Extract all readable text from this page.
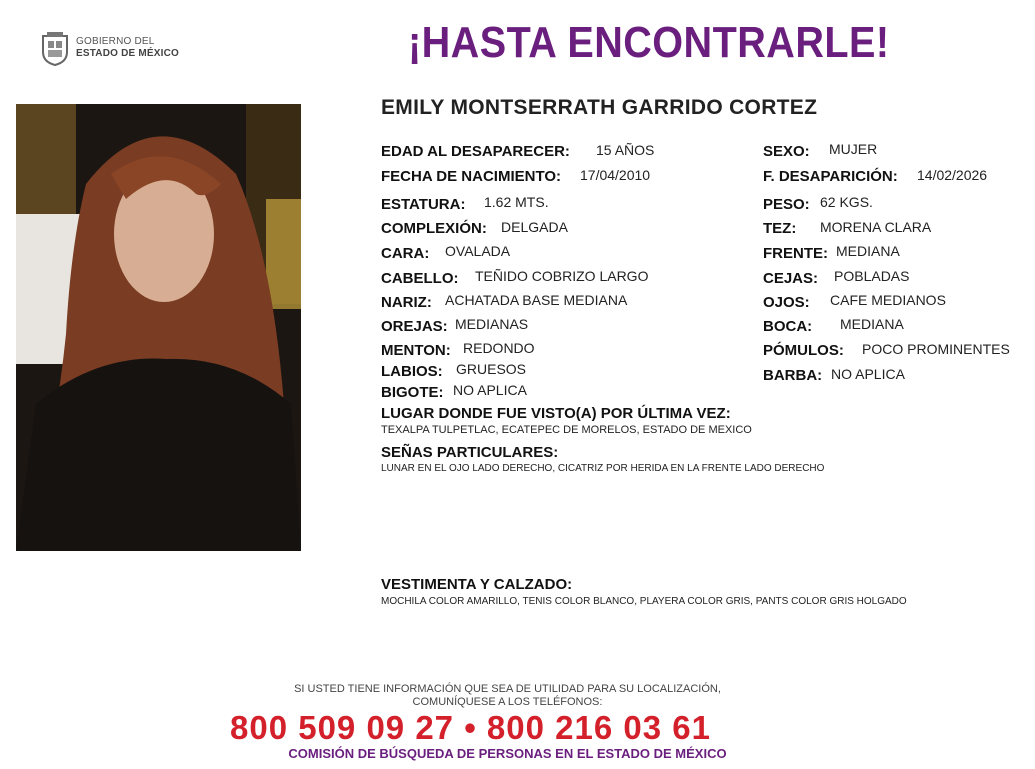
GOBIERNO DEL
ESTADO DE MÉXICO	¡HASTA ENCONTRARLE!
EMILY MONTSERRATH GARRIDO CORTEZ
EDAD AL DESAPARECER: 15 AÑOS
FECHA DE NACIMIENTO: 17/04/2010
ESTATURA: 1.62 MTS.
COMPLEXIÓN: DELGADA
CARA: OVALADA
CABELLO: TEÑIDO COBRIZO LARGO
NARIZ: ACHATADA BASE MEDIANA
OREJAS: MEDIANAS
MENTON: REDONDO
LABIOS: GRUESOS
BIGOTE: NO APLICA
SEXO: MUJER
F. DESAPARICIÓN: 14/02/2026
PESO: 62 KGS.
TEZ: MORENA CLARA
FRENTE: MEDIANA
CEJAS: POBLADAS
OJOS: CAFE MEDIANOS
BOCA: MEDIANA
PÓMULOS: POCO PROMINENTES
BARBA: NO APLICA
LUGAR DONDE FUE VISTO(A) POR ÚLTIMA VEZ:
TEXALPA TULPETLAC, ECATEPEC DE MORELOS, ESTADO DE MEXICO
SEÑAS PARTICULARES:
LUNAR EN EL OJO LADO DERECHO, CICATRIZ POR HERIDA EN LA FRENTE LADO DERECHO
VESTIMENTA Y CALZADO:
MOCHILA COLOR AMARILLO, TENIS COLOR BLANCO, PLAYERA COLOR GRIS, PANTS COLOR GRIS HOLGADO
SI USTED TIENE INFORMACIÓN QUE SEA DE UTILIDAD PARA SU LOCALIZACIÓN,
COMUNÍQUESE A LOS TELÉFONOS:
800 509 09 27 • 800 216 03 61
COMISIÓN DE BÚSQUEDA DE PERSONAS EN EL ESTADO DE MÉXICO
